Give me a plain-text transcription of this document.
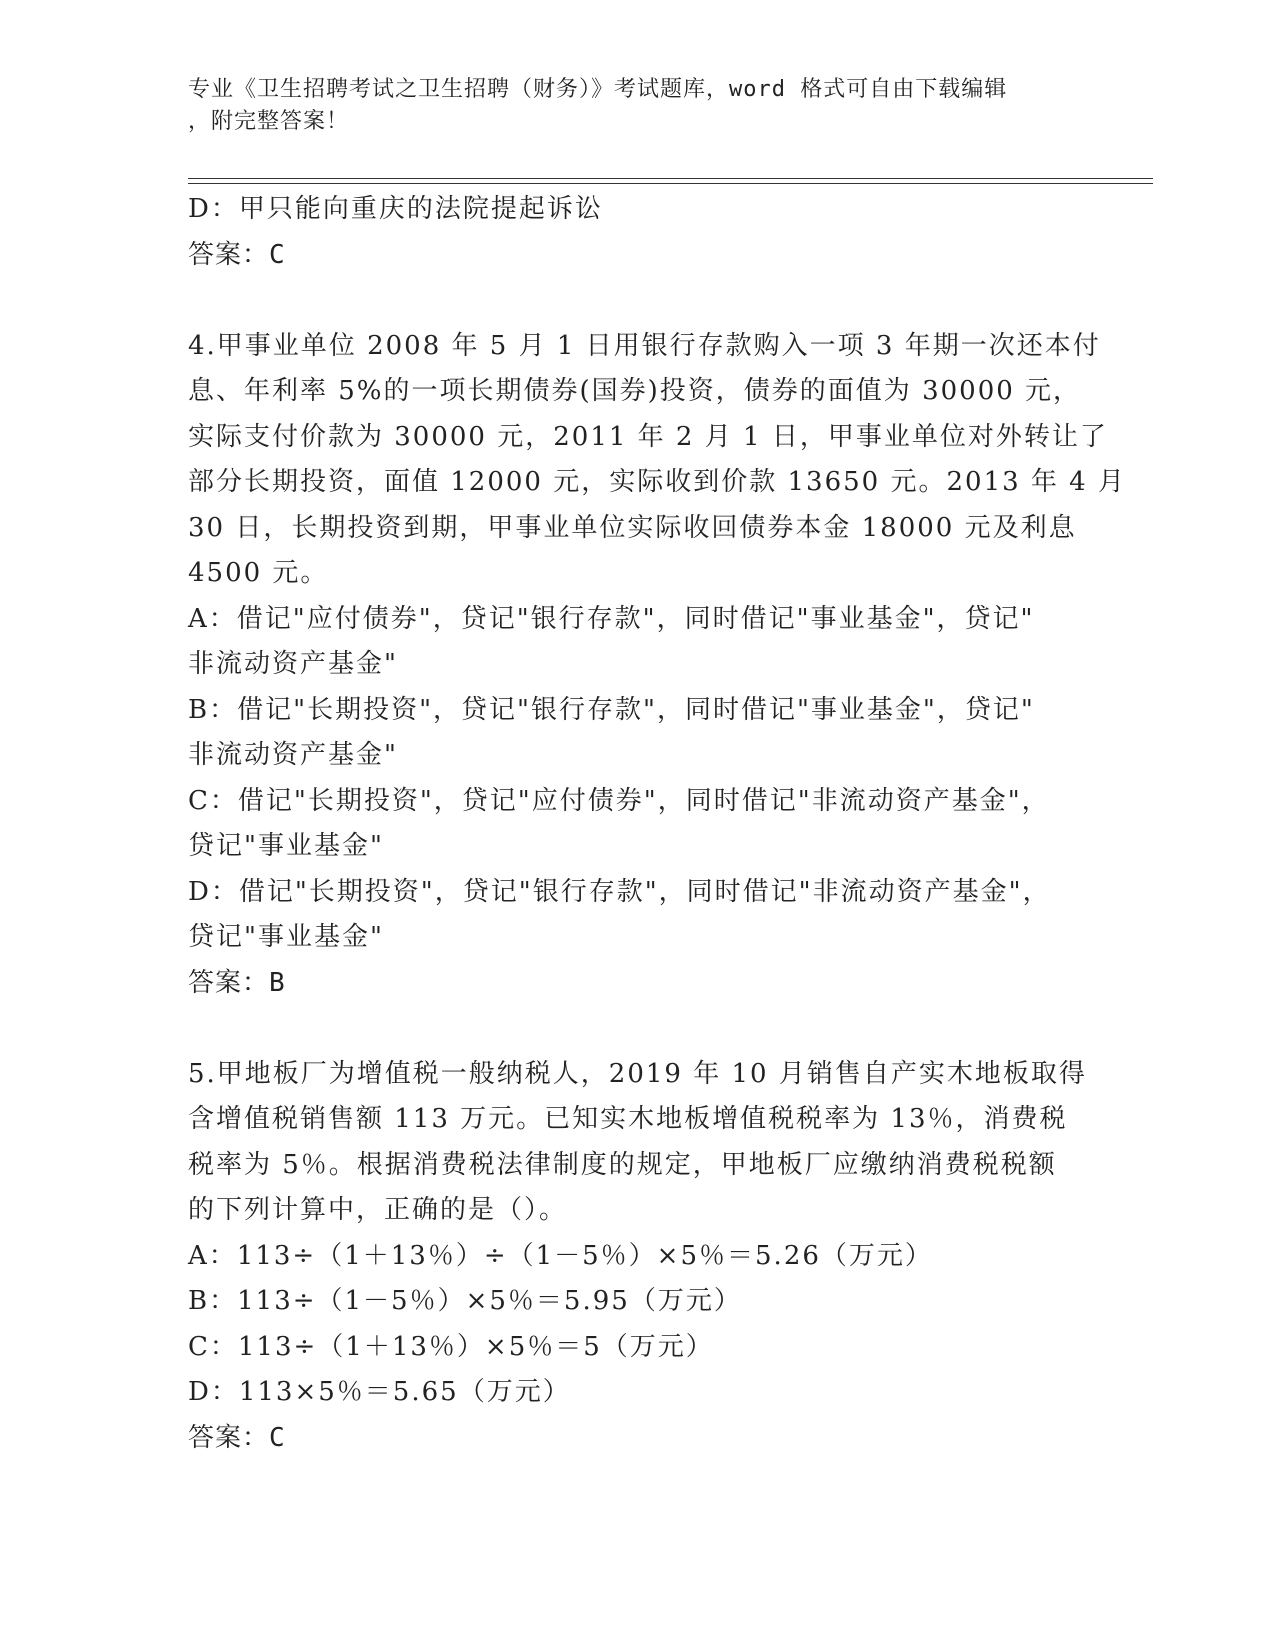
专业《卫生招聘考试之卫生招聘（财务）》考试题库，word 格式可自由下载编辑
，附完整答案！
D：甲只能向重庆的法院提起诉讼
答案：C
4.甲事业单位 2008 年 5 月 1 日用银行存款购入一项 3 年期一次还本付
息、年利率 5%的一项长期债券(国券)投资，债券的面值为 30000 元，
实际支付价款为 30000 元，2011 年 2 月 1 日，甲事业单位对外转让了
部分长期投资，面值 12000 元，实际收到价款 13650 元。2013 年 4 月
30 日，长期投资到期，甲事业单位实际收回债券本金 18000 元及利息
4500 元。
A：借记"应付债券"，贷记"银行存款"，同时借记"事业基金"，贷记"
非流动资产基金"
B：借记"长期投资"，贷记"银行存款"，同时借记"事业基金"，贷记"
非流动资产基金"
C：借记"长期投资"，贷记"应付债券"，同时借记"非流动资产基金"，
贷记"事业基金"
D：借记"长期投资"，贷记"银行存款"，同时借记"非流动资产基金"，
贷记"事业基金"
答案：B
5.甲地板厂为增值税一般纳税人，2019 年 10 月销售自产实木地板取得
含增值税销售额 113 万元。已知实木地板增值税税率为 13％，消费税
税率为 5％。根据消费税法律制度的规定，甲地板厂应缴纳消费税税额
的下列计算中，正确的是（）。
A：113÷（1＋13％）÷（1－5％）×5％＝5.26（万元）
B：113÷（1－5％）×5％＝5.95（万元）
C：113÷（1＋13％）×5％＝5（万元）
D：113×5％＝5.65（万元）
答案：C
